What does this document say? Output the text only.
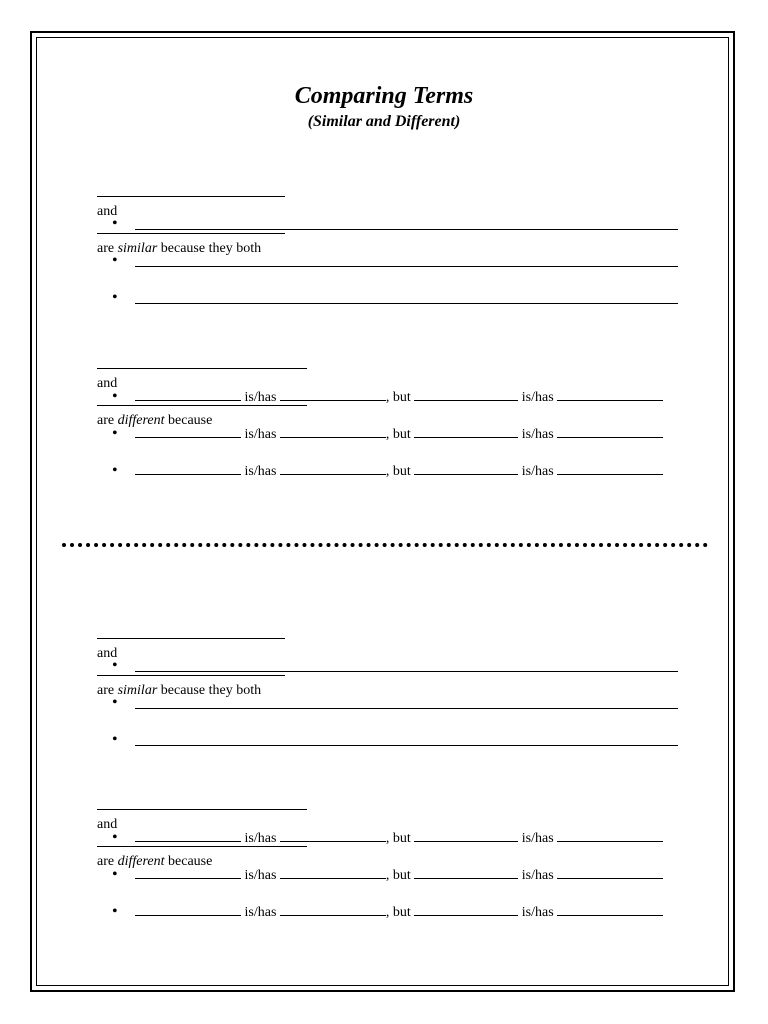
Comparing Terms
(Similar and Different)

and

are similar because they both

•
•
•

and

are different because

•	is/has	, but	is/has
•	is/has	, but	is/has
•	is/has	, but	is/has

and

are similar because they both

•
•
•

and

are different because

•	is/has	, but	is/has
•	is/has	, but	is/has
•	is/has	, but	is/has
